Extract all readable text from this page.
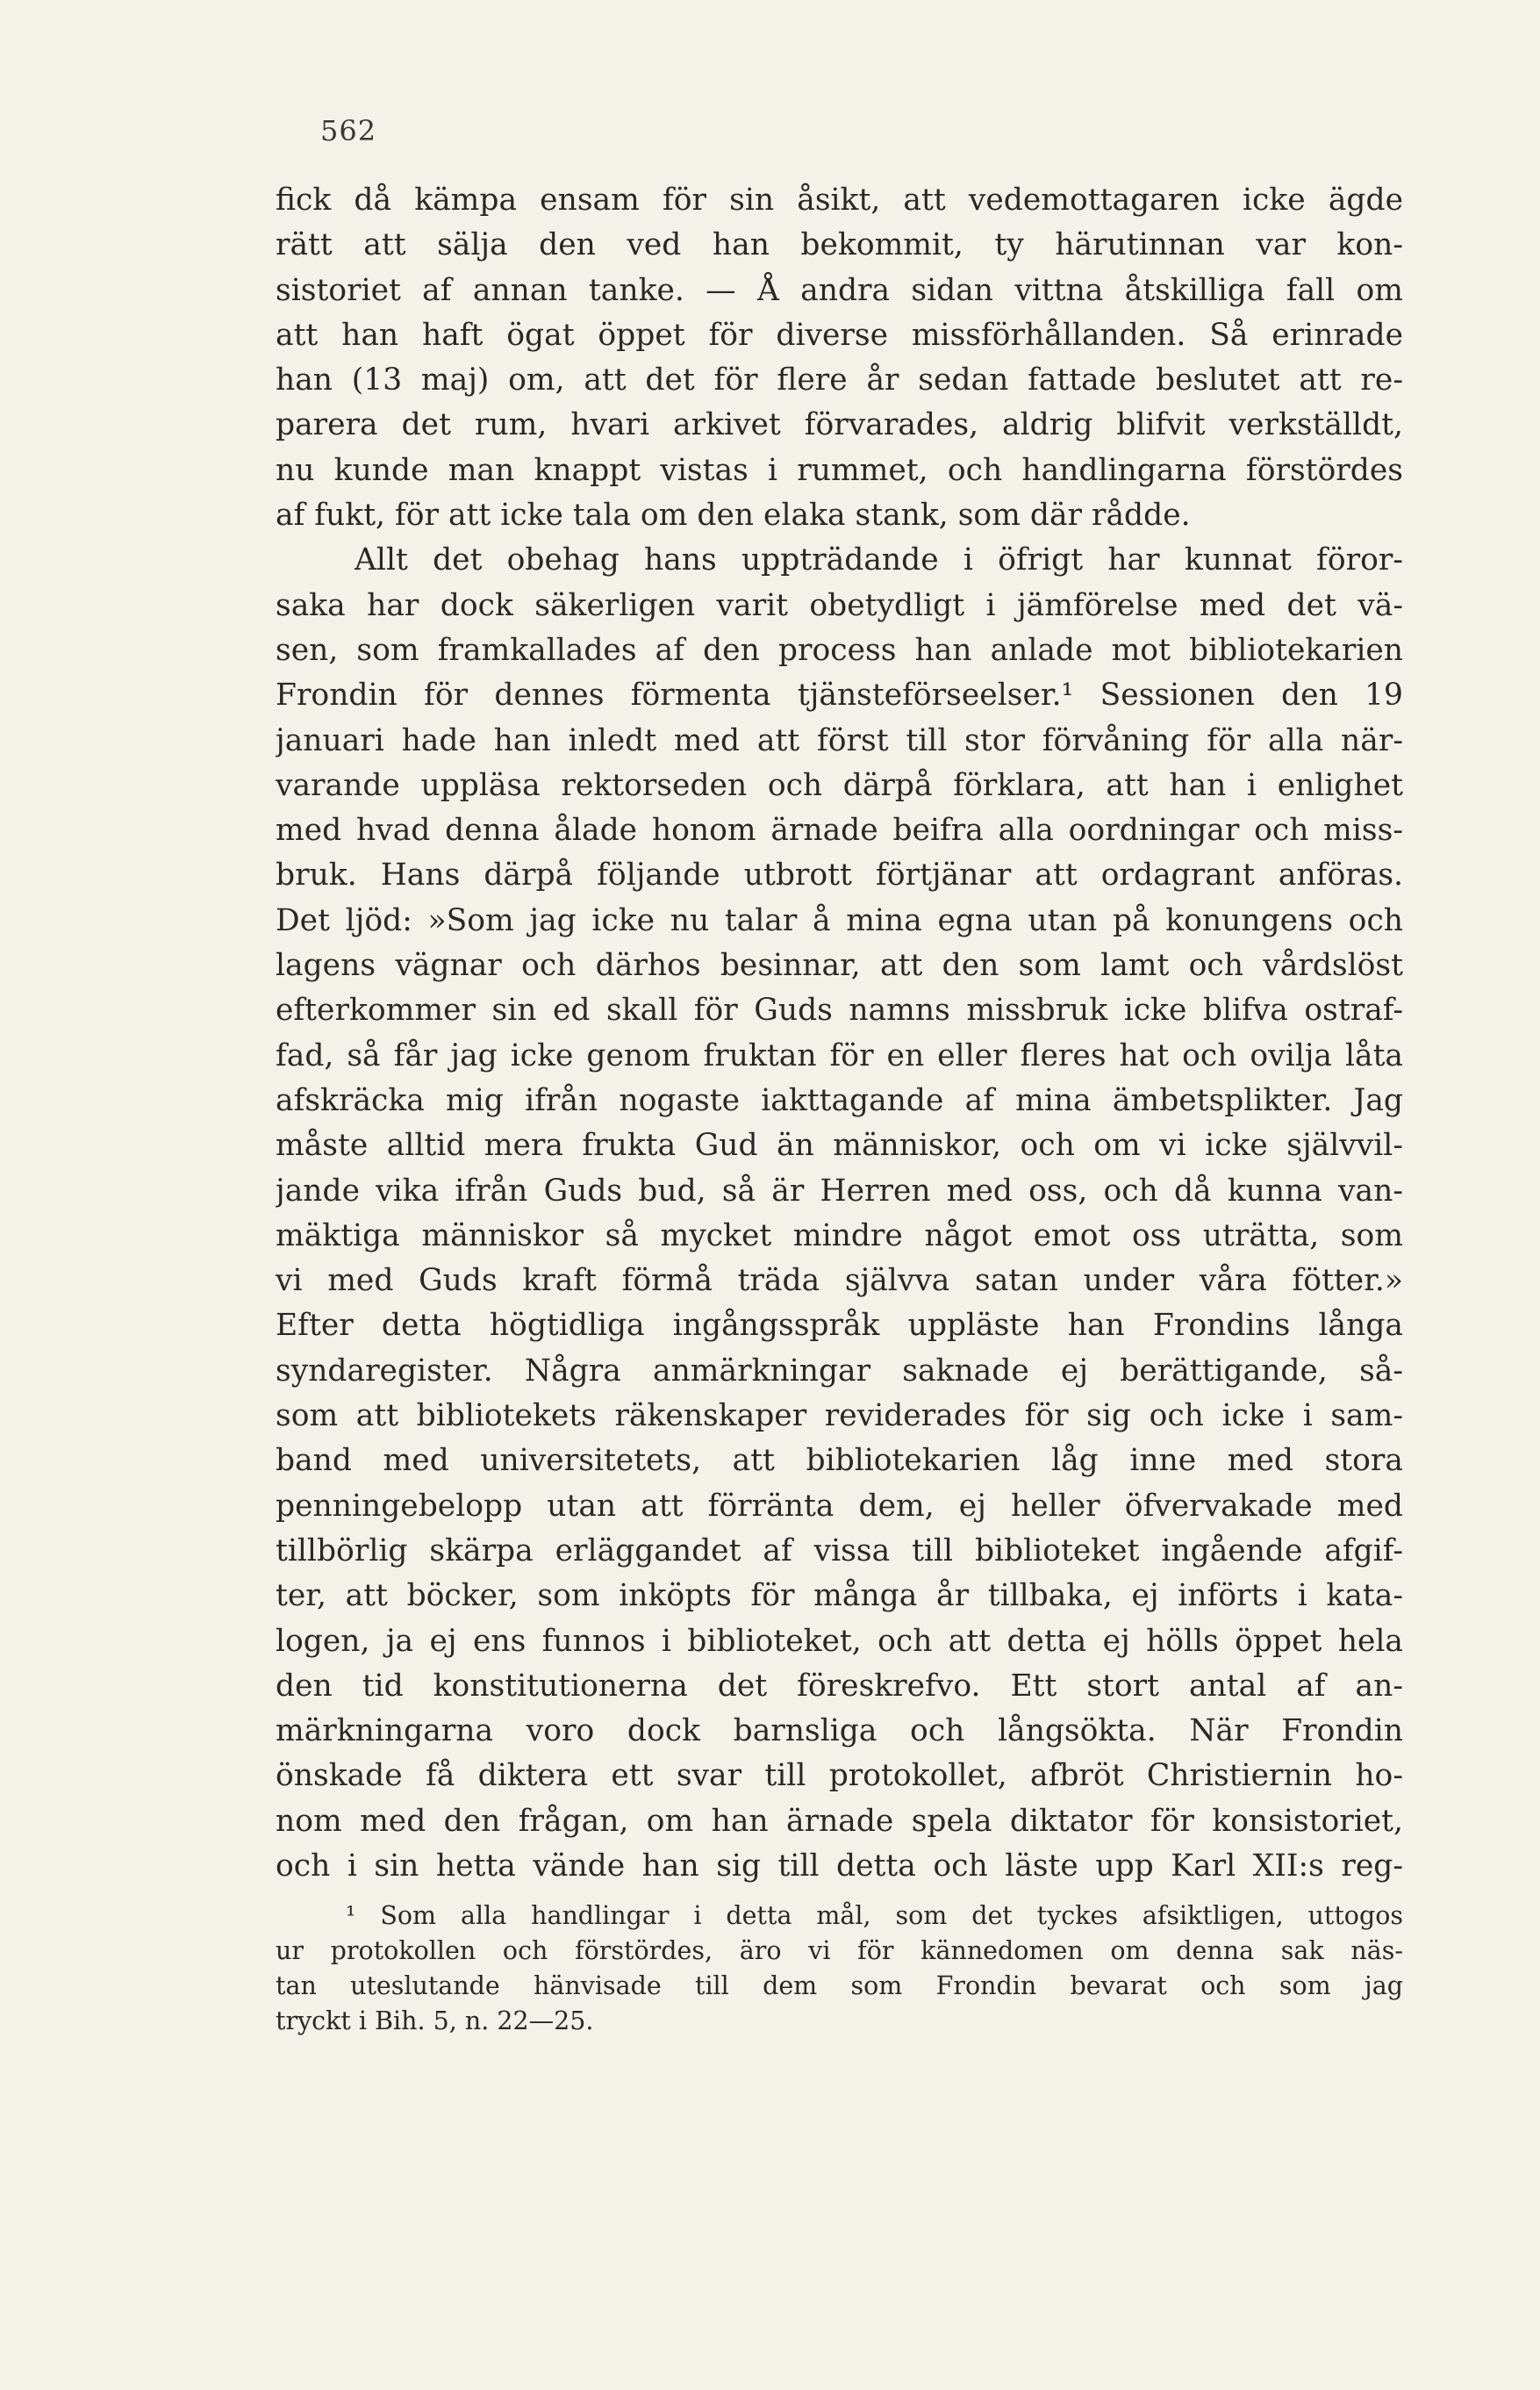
562
fick då kämpa ensam för sin åsikt, att vedemottagaren icke ägde
rätt att sälja den ved han bekommit, ty härutinnan var kon-
sistoriet af annan tanke. — Å andra sidan vittna åtskilliga fall om
att han haft ögat öppet för diverse missförhållanden. Så erinrade
han (13 maj) om, att det för flere år sedan fattade beslutet att re-
parera det rum, hvari arkivet förvarades, aldrig blifvit verkställdt,
nu kunde man knappt vistas i rummet, och handlingarna förstördes
af fukt, för att icke tala om den elaka stank, som där rådde.
Allt det obehag hans uppträdande i öfrigt har kunnat föror-
saka har dock säkerligen varit obetydligt i jämförelse med det vä-
sen, som framkallades af den process han anlade mot bibliotekarien
Frondin för dennes förmenta tjänsteförseelser.¹ Sessionen den 19
januari hade han inledt med att först till stor förvåning för alla när-
varande uppläsa rektorseden och därpå förklara, att han i enlighet
med hvad denna ålade honom ärnade beifra alla oordningar och miss-
bruk. Hans därpå följande utbrott förtjänar att ordagrant anföras.
Det ljöd: »Som jag icke nu talar å mina egna utan på konungens och
lagens vägnar och därhos besinnar, att den som lamt och vårdslöst
efterkommer sin ed skall för Guds namns missbruk icke blifva ostraf-
fad, så får jag icke genom fruktan för en eller fleres hat och ovilja låta
afskräcka mig ifrån nogaste iakttagande af mina ämbetsplikter. Jag
måste alltid mera frukta Gud än människor, och om vi icke självvil-
jande vika ifrån Guds bud, så är Herren med oss, och då kunna van-
mäktiga människor så mycket mindre något emot oss uträtta, som
vi med Guds kraft förmå träda självva satan under våra fötter.»
Efter detta högtidliga ingångsspråk uppläste han Frondins långa
syndaregister. Några anmärkningar saknade ej berättigande, så-
som att bibliotekets räkenskaper reviderades för sig och icke i sam-
band med universitetets, att bibliotekarien låg inne med stora
penningebelopp utan att förränta dem, ej heller öfvervakade med
tillbörlig skärpa erläggandet af vissa till biblioteket ingående afgif-
ter, att böcker, som inköpts för många år tillbaka, ej införts i kata-
logen, ja ej ens funnos i biblioteket, och att detta ej hölls öppet hela
den tid konstitutionerna det föreskrefvo. Ett stort antal af an-
märkningarna voro dock barnsliga och långsökta. När Frondin
önskade få diktera ett svar till protokollet, afbröt Christiernin ho-
nom med den frågan, om han ärnade spela diktator för konsistoriet,
och i sin hetta vände han sig till detta och läste upp Karl XII:s reg-
¹ Som alla handlingar i detta mål, som det tyckes afsiktligen, uttogos
ur protokollen och förstördes, äro vi för kännedomen om denna sak näs-
tan uteslutande hänvisade till dem som Frondin bevarat och som jag
tryckt i Bih. 5, n. 22—25.
